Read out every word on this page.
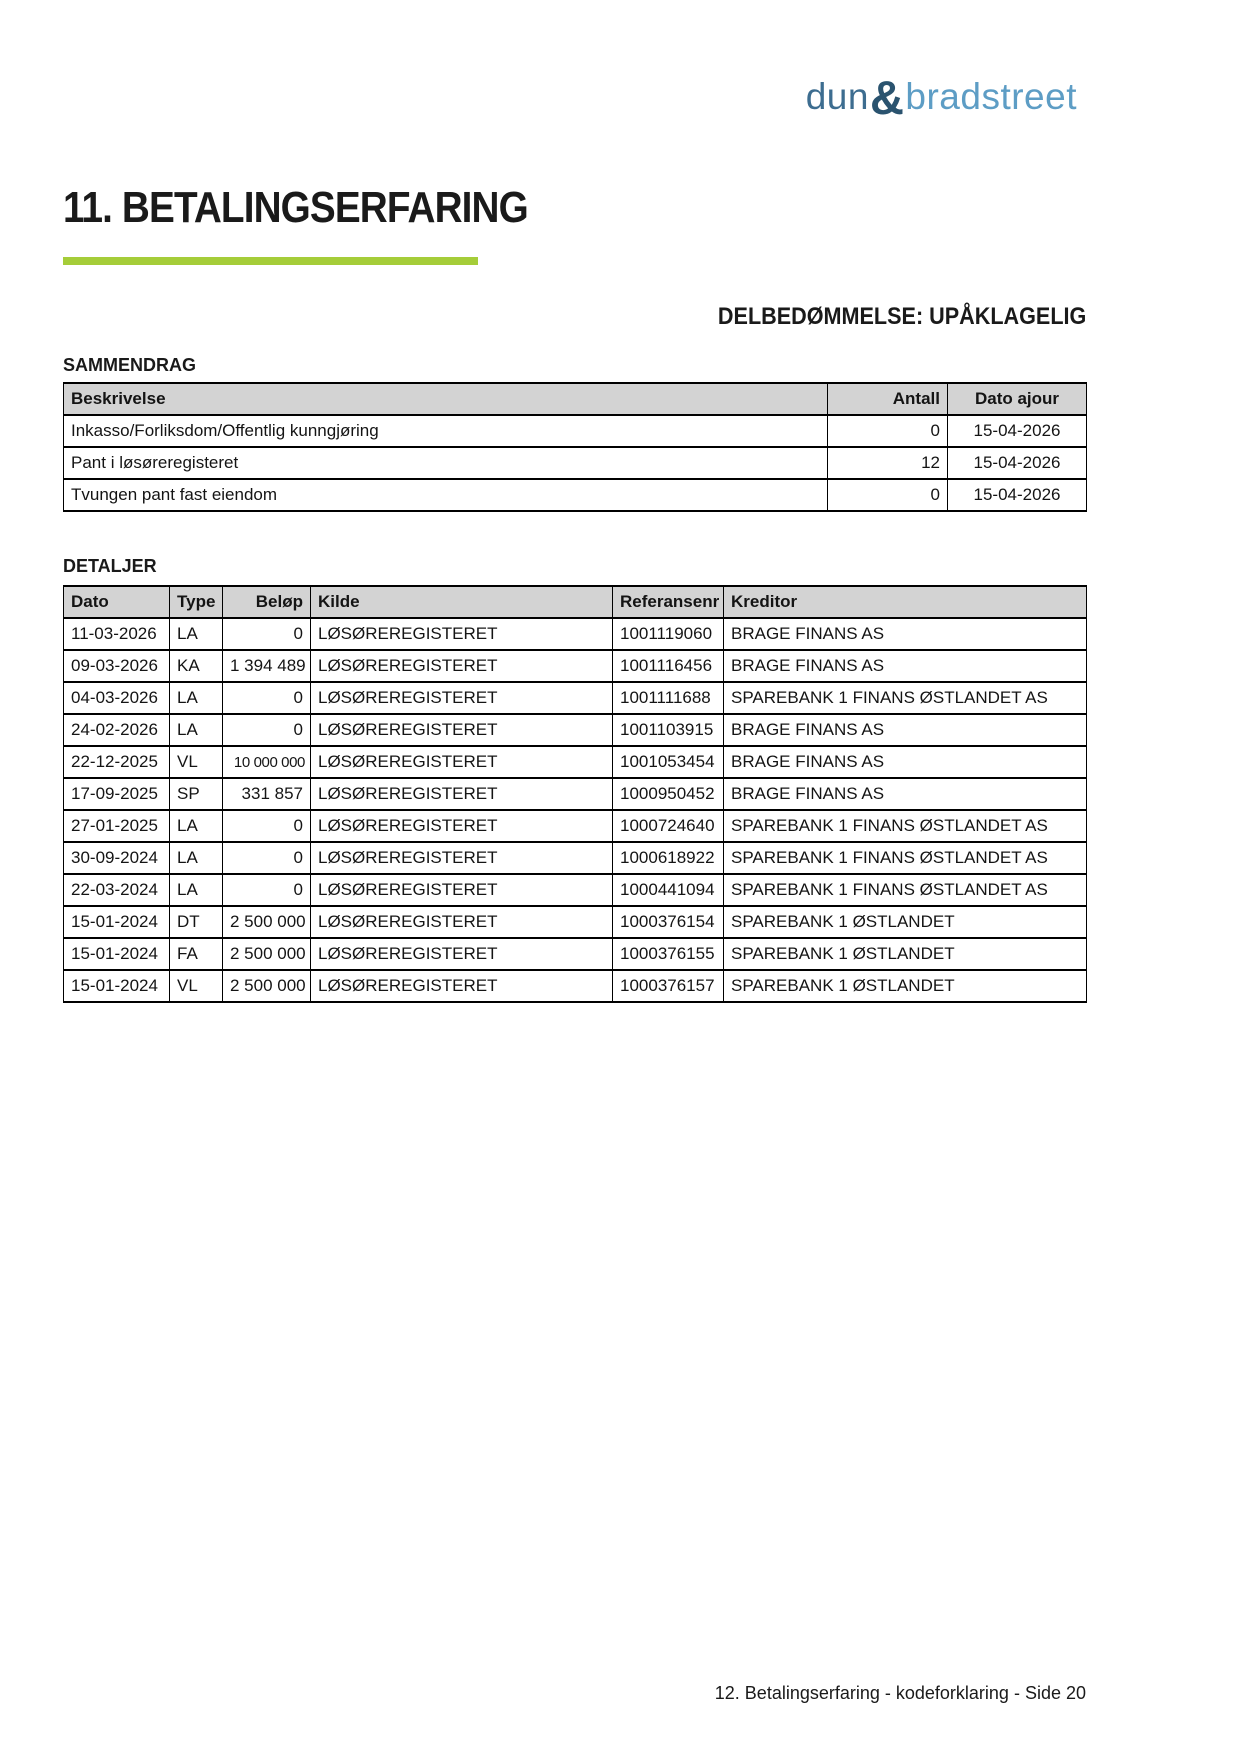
dun&bradstreet
11. BETALINGSERFARING
DELBEDØMMELSE: UPÅKLAGELIG
SAMMENDRAG
Beskrivelse	Antall	Dato ajour
Inkasso/Forliksdom/Offentlig kunngjøring	0	15-04-2026
Pant i løsøreregisteret	12	15-04-2026
Tvungen pant fast eiendom	0	15-04-2026
DETALJER
Dato	Type	Beløp	Kilde	Referansenr	Kreditor
11-03-2026	LA	0	LØSØREREGISTERET	1001119060	BRAGE FINANS AS
09-03-2026	KA	1 394 489	LØSØREREGISTERET	1001116456	BRAGE FINANS AS
04-03-2026	LA	0	LØSØREREGISTERET	1001111688	SPAREBANK 1 FINANS ØSTLANDET AS
24-02-2026	LA	0	LØSØREREGISTERET	1001103915	BRAGE FINANS AS
22-12-2025	VL	10 000 000	LØSØREREGISTERET	1001053454	BRAGE FINANS AS
17-09-2025	SP	331 857	LØSØREREGISTERET	1000950452	BRAGE FINANS AS
27-01-2025	LA	0	LØSØREREGISTERET	1000724640	SPAREBANK 1 FINANS ØSTLANDET AS
30-09-2024	LA	0	LØSØREREGISTERET	1000618922	SPAREBANK 1 FINANS ØSTLANDET AS
22-03-2024	LA	0	LØSØREREGISTERET	1000441094	SPAREBANK 1 FINANS ØSTLANDET AS
15-01-2024	DT	2 500 000	LØSØREREGISTERET	1000376154	SPAREBANK 1 ØSTLANDET
15-01-2024	FA	2 500 000	LØSØREREGISTERET	1000376155	SPAREBANK 1 ØSTLANDET
15-01-2024	VL	2 500 000	LØSØREREGISTERET	1000376157	SPAREBANK 1 ØSTLANDET
12. Betalingserfaring - kodeforklaring - Side 20
